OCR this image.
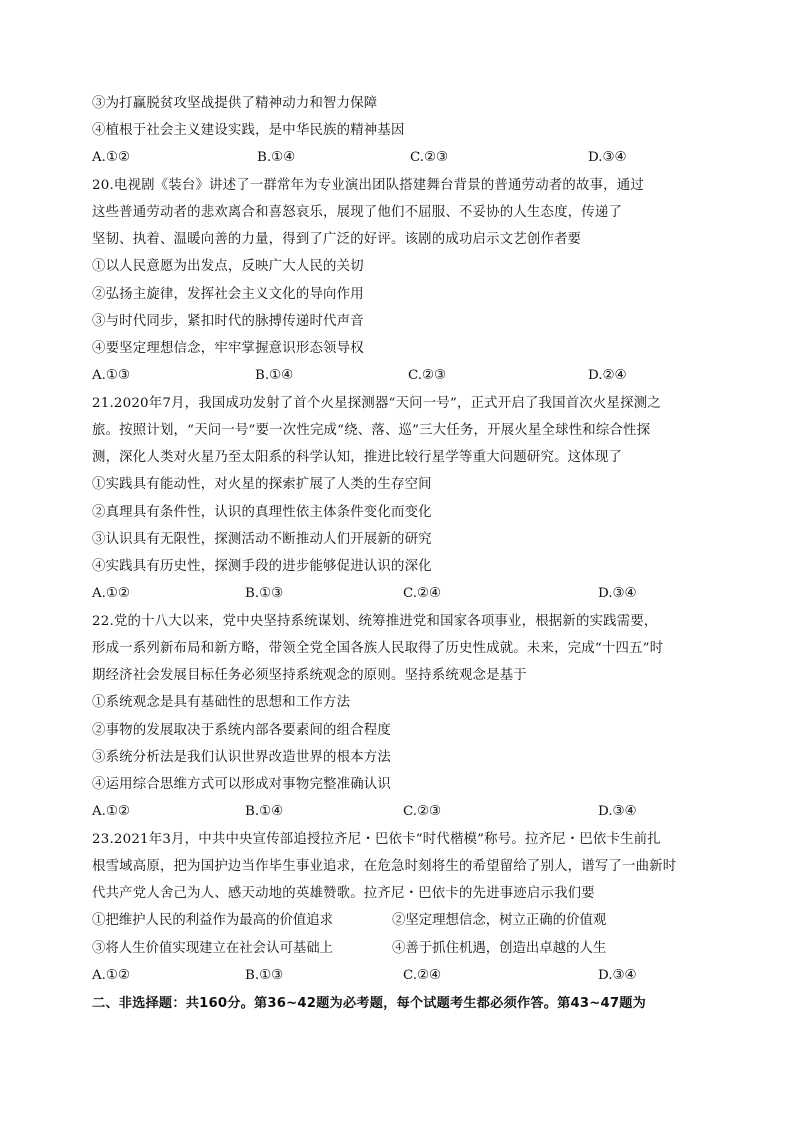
③为打赢脱贫攻坚战提供了精神动力和智力保障
④植根于社会主义建设实践，是中华民族的精神基因
A.①②	B.①④	C.②③	D.③④
20.电视剧《装台》讲述了一群常年为专业演出团队搭建舞台背景的普通劳动者的故事，通过
这些普通劳动者的悲欢离合和喜怒哀乐，展现了他们不屈服、不妥协的人生态度，传递了
坚韧、执着、温暖向善的力量，得到了广泛的好评。该剧的成功启示文艺创作者要
①以人民意愿为出发点，反映广大人民的关切
②弘扬主旋律，发挥社会主义文化的导向作用
③与时代同步，紧扣时代的脉搏传递时代声音
④要坚定理想信念，牢牢掌握意识形态领导权
A.①③	B.①④	C.②③	D.②④
21.2020年7月，我国成功发射了首个火星探测器“天问一号”，正式开启了我国首次火星探测之
旅。按照计划，“天问一号”要一次性完成“绕、落、巡”三大任务，开展火星全球性和综合性探
测，深化人类对火星乃至太阳系的科学认知，推进比较行星学等重大问题研究。这体现了
①实践具有能动性，对火星的探索扩展了人类的生存空间
②真理具有条件性，认识的真理性依主体条件变化而变化
③认识具有无限性，探测活动不断推动人们开展新的研究
④实践具有历史性，探测手段的进步能够促进认识的深化
A.①②	B.①③	C.②④	D.③④
22.党的十八大以来，党中央坚持系统谋划、统筹推进党和国家各项事业，根据新的实践需要，
形成一系列新布局和新方略，带领全党全国各族人民取得了历史性成就。未来，完成“十四五”时
期经济社会发展目标任务必须坚持系统观念的原则。坚持系统观念是基于
①系统观念是具有基础性的思想和工作方法
②事物的发展取决于系统内部各要素间的组合程度
③系统分析法是我们认识世界改造世界的根本方法
④运用综合思维方式可以形成对事物完整准确认识
A.①②	B.①④	C.②③	D.③④
23.2021年3月，中共中央宣传部追授拉齐尼・巴依卡“时代楷模”称号。拉齐尼・巴依卡生前扎
根雪域高原，把为国护边当作毕生事业追求，在危急时刻将生的希望留给了别人，谱写了一曲新时
代共产党人舍己为人、感天动地的英雄赞歌。拉齐尼・巴依卡的先进事迹启示我们要
①把维护人民的利益作为最高的价值追求	②坚定理想信念，树立正确的价值观
③将人生价值实现建立在社会认可基础上	④善于抓住机遇，创造出卓越的人生
A.①②	B.①③	C.②④	D.③④
二、非选择题：共160分。第36~42题为必考题，每个试题考生都必须作答。第43~47题为
